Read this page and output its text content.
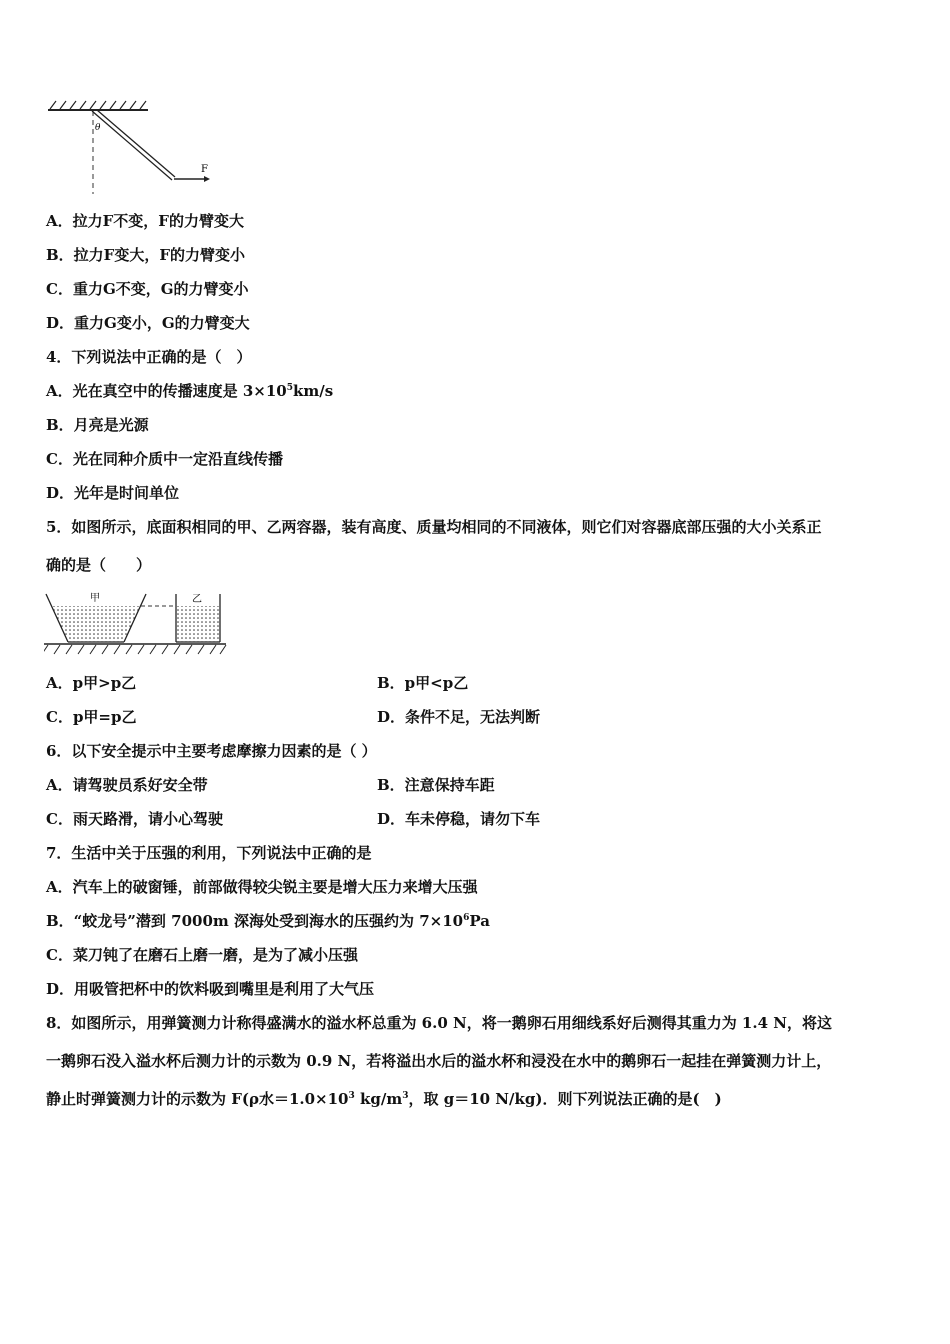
θ
F
A．拉力F不变，F的力臂变大
B．拉力F变大，F的力臂变小
C．重力G不变，G的力臂变小
D．重力G变小，G的力臂变大
4．下列说法中正确的是（　）
A．光在真空中的传播速度是 $3\times 10^5km/s$
B．月亮是光源
C．光在同种介质中一定沿直线传播
D．光年是时间单位
5．如图所示，底面积相同的甲、乙两容器，装有高度、质量均相同的不同液体，则它们对容器底部压强的大小关系正
确的是（　　）
甲	乙
A．p甲>p乙	B．p甲<p乙
C．p甲=p乙	D．条件不足，无法判断
6．以下安全提示中主要考虑摩擦力因素的是（ ）
A．请驾驶员系好安全带	B．注意保持车距
C．雨天路滑，请小心驾驶	D．车未停稳，请勿下车
7．生活中关于压强的利用，下列说法中正确的是
A．汽车上的破窗锤，前部做得较尖锐主要是增大压力来增大压强
B．“蛟龙号”潜到 7000m 深海处受到海水的压强约为 $7\times 10^6Pa$
C．菜刀钝了在磨石上磨一磨，是为了减小压强
D．用吸管把杯中的饮料吸到嘴里是利用了大气压
8．如图所示，用弹簧测力计称得盛满水的溢水杯总重为 6.0 N，将一鹅卵石用细线系好后测得其重力为 1.4 N，将这
一鹅卵石没入溢水杯后测力计的示数为 0.9 N，若将溢出水后的溢水杯和浸没在水中的鹅卵石一起挂在弹簧测力计上，
静止时弹簧测力计的示数为 F(ρ水$=1.0\times 10^3$ $kg/m^3$，取 g＝10 N/kg)．则下列说法正确的是(　)
